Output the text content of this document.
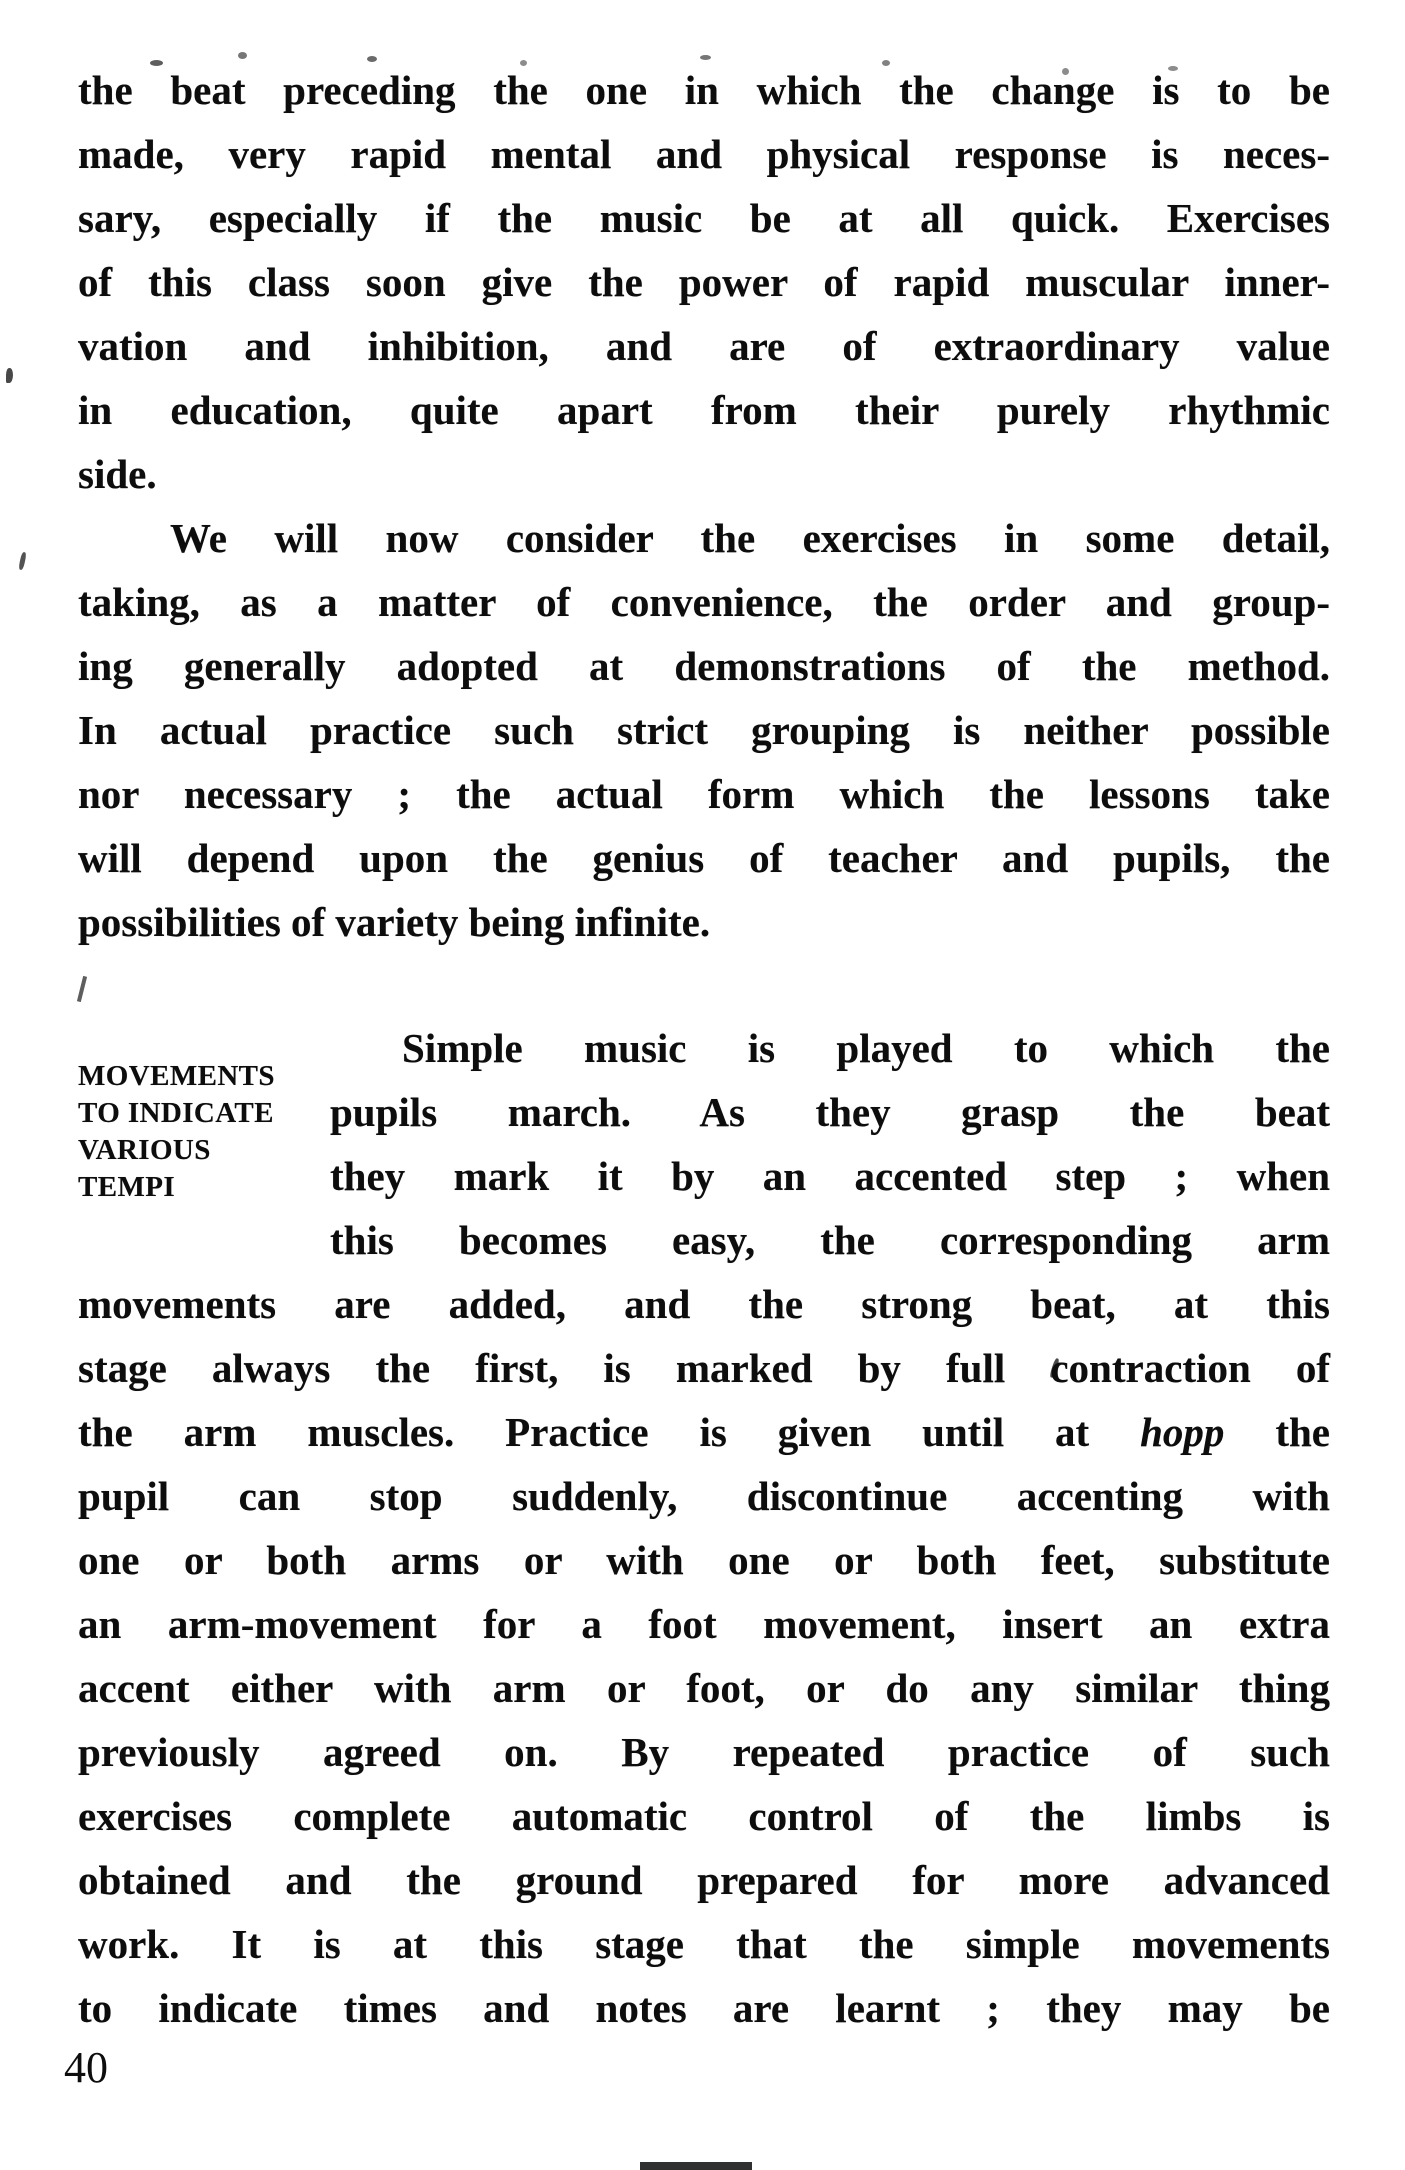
MOVEMENTS
TO INDICATE
VARIOUS
TEMPI
the beat preceding the one in which the change is to be
made, very rapid mental and physical response is neces-
sary, especially if the music be at all quick. Exercises
of this class soon give the power of rapid muscular inner-
vation and inhibition, and are of extraordinary value
in education, quite apart from their purely rhythmic
side.
We will now consider the exercises in some detail,
taking, as a matter of convenience, the order and group-
ing generally adopted at demonstrations of the method.
In actual practice such strict grouping is neither possible
nor necessary ; the actual form which the lessons take
will depend upon the genius of teacher and pupils, the
possibilities of variety being infinite.
Simple music is played to which the
pupils march. As they grasp the beat
they mark it by an accented step ; when
this becomes easy, the corresponding arm
movements are added, and the strong beat, at this
stage always the first, is marked by full contraction of
the arm muscles. Practice is given until at hopp the
pupil can stop suddenly, discontinue accenting with
one or both arms or with one or both feet, substitute
an arm-movement for a foot movement, insert an extra
accent either with arm or foot, or do any similar thing
previously agreed on. By repeated practice of such
exercises complete automatic control of the limbs is
obtained and the ground prepared for more advanced
work. It is at this stage that the simple movements
to indicate times and notes are learnt ; they may be
40
